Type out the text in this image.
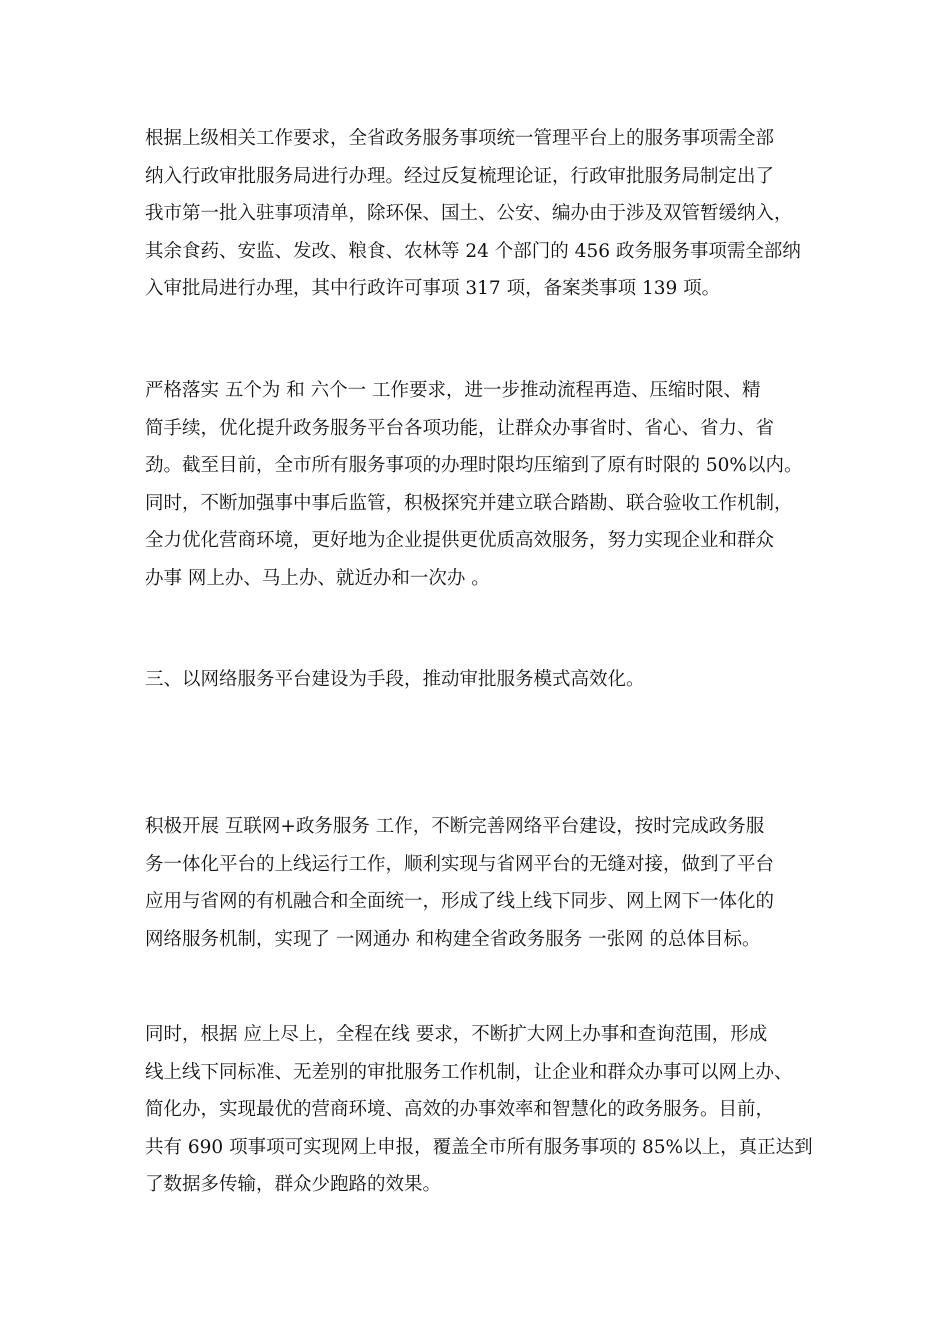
根据上级相关工作要求，全省政务服务事项统一管理平台上的服务事项需全部
纳入行政审批服务局进行办理。经过反复梳理论证，行政审批服务局制定出了
我市第一批入驻事项清单，除环保、国土、公安、编办由于涉及双管暂缓纳入，
其余食药、安监、发改、粮食、农林等 24 个部门的 456 政务服务事项需全部纳
入审批局进行办理，其中行政许可事项 317 项，备案类事项 139 项。

严格落实 五个为 和 六个一 工作要求，进一步推动流程再造、压缩时限、精
简手续，优化提升政务服务平台各项功能，让群众办事省时、省心、省力、省
劲。截至目前，全市所有服务事项的办理时限均压缩到了原有时限的 50%以内。
同时，不断加强事中事后监管，积极探究并建立联合踏勘、联合验收工作机制，
全力优化营商环境，更好地为企业提供更优质高效服务，努力实现企业和群众
办事 网上办、马上办、就近办和一次办 。

三、以网络服务平台建设为手段，推动审批服务模式高效化。

积极开展 互联网+政务服务 工作，不断完善网络平台建设，按时完成政务服
务一体化平台的上线运行工作，顺利实现与省网平台的无缝对接，做到了平台
应用与省网的有机融合和全面统一，形成了线上线下同步、网上网下一体化的
网络服务机制，实现了 一网通办 和构建全省政务服务 一张网 的总体目标。

同时，根据 应上尽上，全程在线 要求，不断扩大网上办事和查询范围，形成
线上线下同标准、无差别的审批服务工作机制，让企业和群众办事可以网上办、
简化办，实现最优的营商环境、高效的办事效率和智慧化的政务服务。目前，
共有 690 项事项可实现网上申报，覆盖全市所有服务事项的 85%以上，真正达到
了数据多传输，群众少跑路的效果。
